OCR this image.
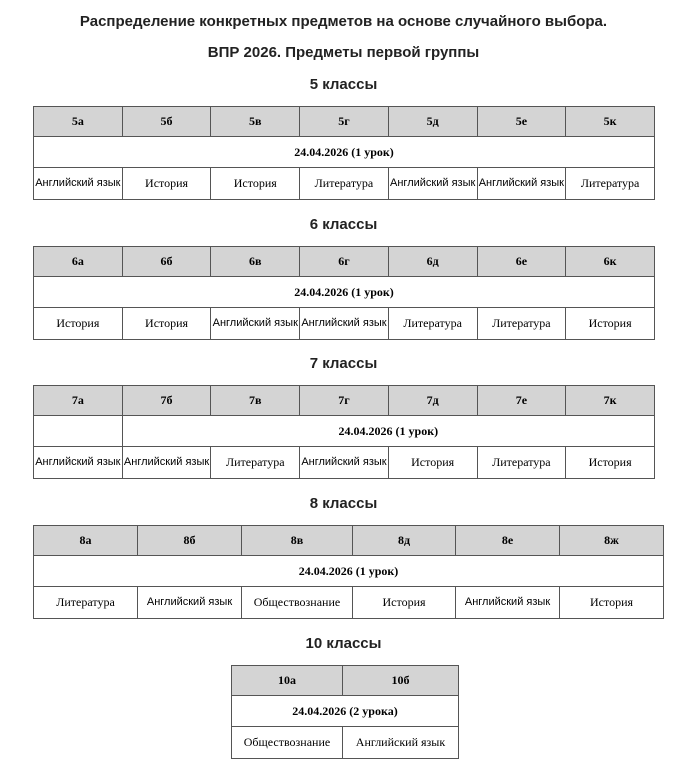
Распределение конкретных предметов на основе случайного выбора.
ВПР 2026. Предметы первой группы
5 классы
5а	5б	5в	5г	5д	5е	5к
24.04.2026 (1 урок)						
Английский язык	История	История	Литература	Английский язык	Английский язык	Литература
6 классы
6а	6б	6в	6г	6д	6е	6к
24.04.2026 (1 урок)						
История	История	Английский язык	Английский язык	Литература	Литература	История
7 классы
7а	7б	7в	7г	7д	7е	7к
	24.04.2026 (1 урок)					
Английский язык	Английский язык	Литература	Английский язык	История	Литература	История
8 классы
8а	8б	8в	8д	8е	8ж
24.04.2026 (1 урок)					
Литература	Английский язык	Обществознание	История	Английский язык	История
10 классы
10а	10б
24.04.2026 (2 урока)	
Обществознание	Английский язык
